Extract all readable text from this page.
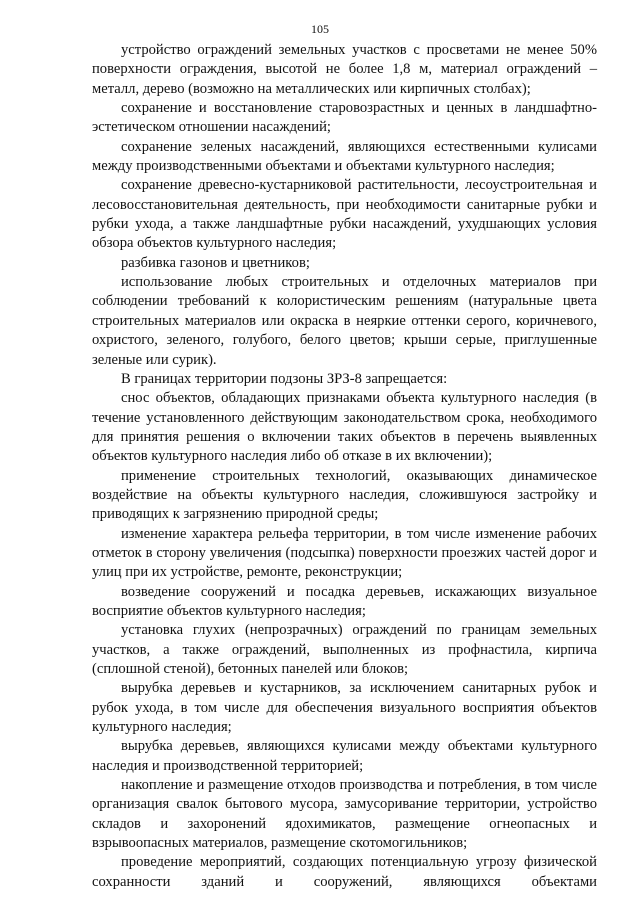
105

устройство ограждений земельных участков с просветами не менее 50% поверхности ограждения, высотой не более 1,8 м, материал ограждений – металл, дерево (возможно на металлических или кирпичных столбах);

сохранение и восстановление старовозрастных и ценных в ландшафтно-эстетическом отношении насаждений;

сохранение зеленых насаждений, являющихся естественными кулисами между производственными объектами и объектами культурного наследия;

сохранение древесно-кустарниковой растительности, лесоустроительная и лесовосстановительная деятельность, при необходимости санитарные рубки и рубки ухода, а также ландшафтные рубки насаждений, ухудшающих условия обзора объектов культурного наследия;

разбивка газонов и цветников;

использование любых строительных и отделочных материалов при соблюдении требований к колористическим решениям (натуральные цвета строительных материалов или окраска в неяркие оттенки серого, коричневого, охристого, зеленого, голубого, белого цветов; крыши серые, приглушенные зеленые или сурик).

В границах территории подзоны ЗРЗ-8 запрещается:

снос объектов, обладающих признаками объекта культурного наследия (в течение установленного действующим законодательством срока, необходимого для принятия решения о включении таких объектов в перечень выявленных объектов культурного наследия либо об отказе в их включении);

применение строительных технологий, оказывающих динамическое воздействие на объекты культурного наследия, сложившуюся застройку и приводящих к загрязнению природной среды;

изменение характера рельефа территории, в том числе изменение рабочих отметок в сторону увеличения (подсыпка) поверхности проезжих частей дорог и улиц при их устройстве, ремонте, реконструкции;

возведение сооружений и посадка деревьев, искажающих визуальное восприятие объектов культурного наследия;

установка глухих (непрозрачных) ограждений по границам земельных участков, а также ограждений, выполненных из профнастила, кирпича (сплошной стеной), бетонных панелей или блоков;

вырубка деревьев и кустарников, за исключением санитарных рубок и рубок ухода, в том числе для обеспечения визуального восприятия объектов культурного наследия;

вырубка деревьев, являющихся кулисами между объектами культурного наследия и производственной территорией;

накопление и размещение отходов производства и потребления, в том числе организация свалок бытового мусора, замусоривание территории, устройство складов и захоронений ядохимикатов, размещение огнеопасных и взрывоопасных материалов, размещение скотомогильников;

проведение мероприятий, создающих потенциальную угрозу физической сохранности зданий и сооружений, являющихся объектами
